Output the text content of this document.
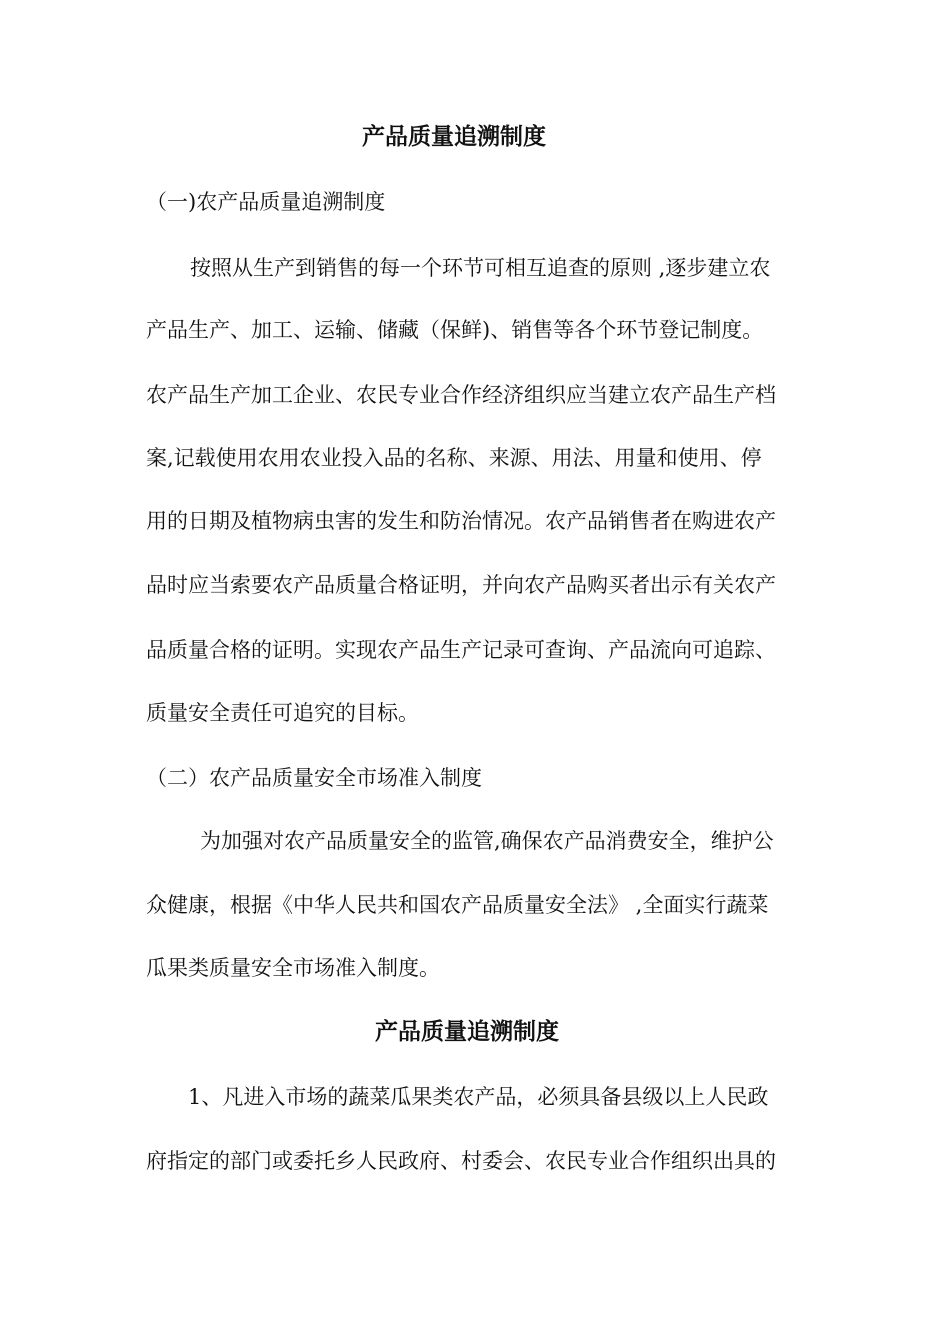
产品质量追溯制度
（一)农产品质量追溯制度
按照从生产到销售的每一个环节可相互追查的原则 ,逐步建立农
产品生产、加工、运输、储藏（保鲜)、销售等各个环节登记制度。
农产品生产加工企业、农民专业合作经济组织应当建立农产品生产档
案,记载使用农用农业投入品的名称、来源、用法、用量和使用、停
用的日期及植物病虫害的发生和防治情况。农产品销售者在购进农产
品时应当索要农产品质量合格证明，并向农产品购买者出示有关农产
品质量合格的证明。实现农产品生产记录可查询、产品流向可追踪、
质量安全责任可追究的目标。
（二）农产品质量安全市场准入制度
为加强对农产品质量安全的监管,确保农产品消费安全，维护公
众健康，根据《中华人民共和国农产品质量安全法》 ,全面实行蔬菜
瓜果类质量安全市场准入制度。
产品质量追溯制度
1、凡进入市场的蔬菜瓜果类农产品，必须具备县级以上人民政
府指定的部门或委托乡人民政府、村委会、农民专业合作组织出具的
